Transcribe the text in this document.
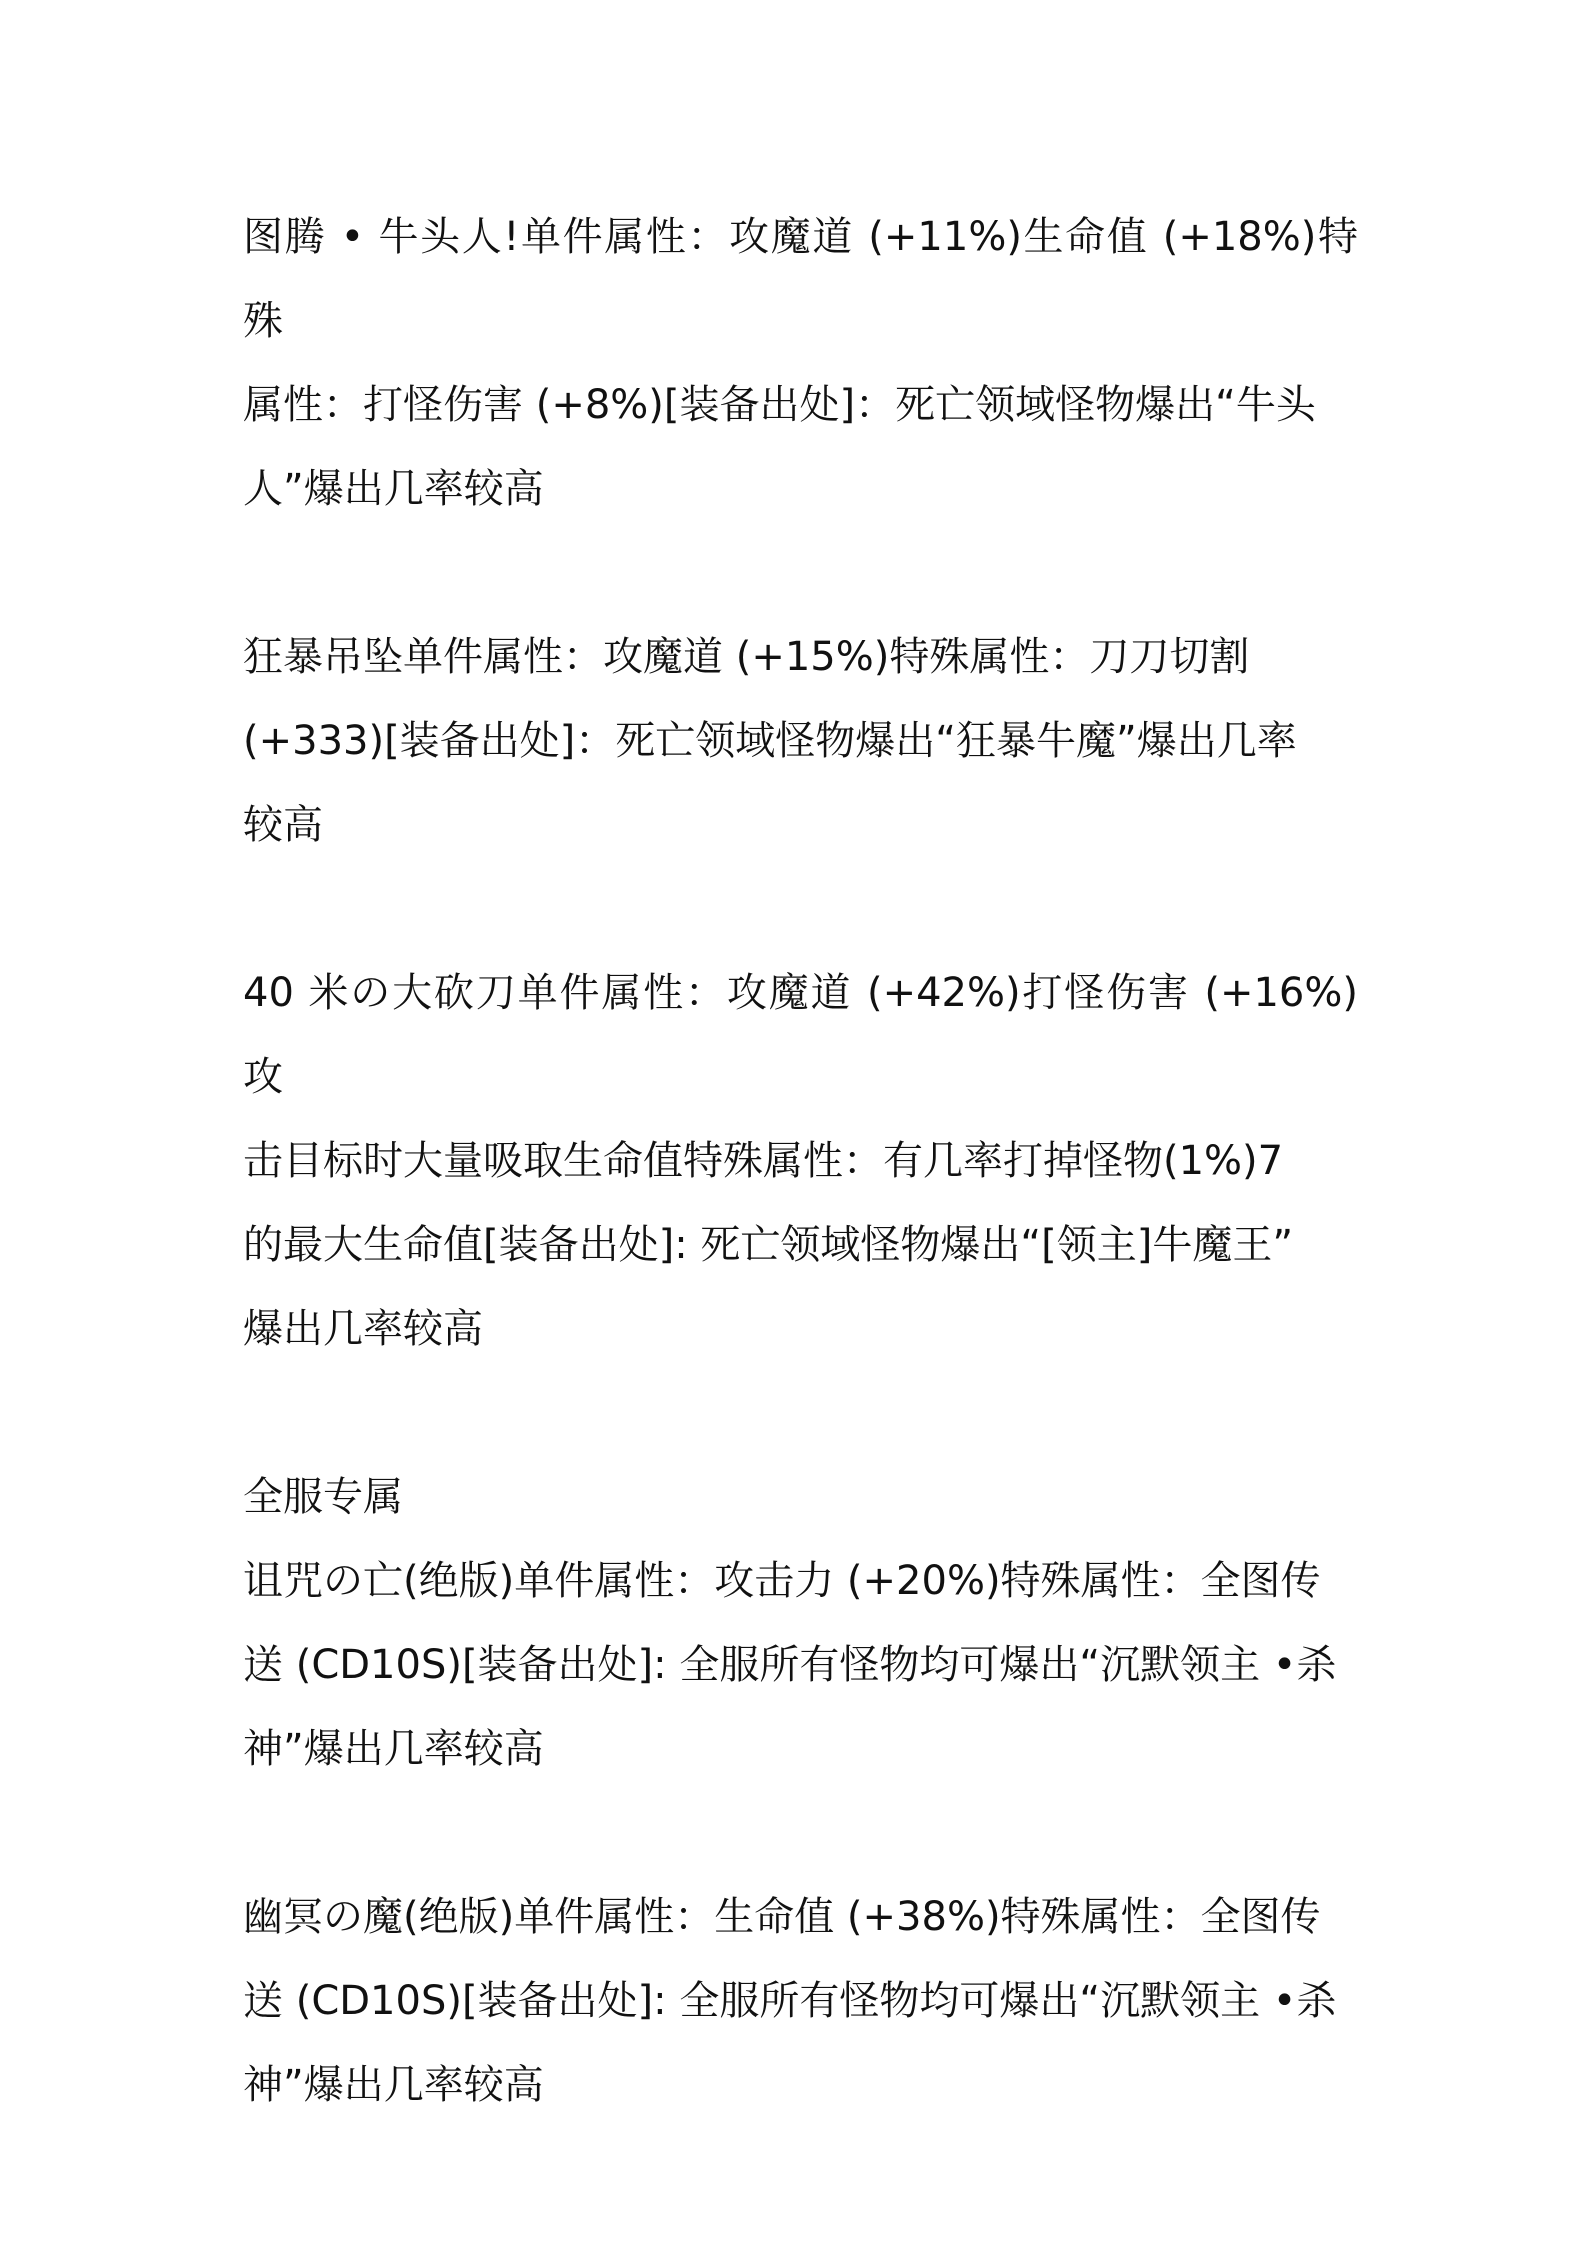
图腾 • 牛头人!单件属性：攻魔道 (+11%)生命值 (+18%)特殊
属性：打怪伤害 (+8%)[装备出处]：死亡领域怪物爆出“牛头
人”爆出几率较高
狂暴吊坠单件属性：攻魔道 (+15%)特殊属性：刀刀切割
(+333)[装备出处]：死亡领域怪物爆出“狂暴牛魔”爆出几率
较高
40 米の大砍刀单件属性：攻魔道 (+42%)打怪伤害 (+16%)攻
击目标时大量吸取生命值特殊属性：有几率打掉怪物(1%)7
的最大生命值[装备出处]: 死亡领域怪物爆出“[领主]牛魔王”
爆出几率较高
全服专属
诅咒の亡(绝版)单件属性：攻击力 (+20%)特殊属性：全图传
送 (CD10S)[装备出处]: 全服所有怪物均可爆出“沉默领主 •杀
神”爆出几率较高
幽冥の魔(绝版)单件属性：生命值 (+38%)特殊属性：全图传
送 (CD10S)[装备出处]: 全服所有怪物均可爆出“沉默领主 •杀
神”爆出几率较高
